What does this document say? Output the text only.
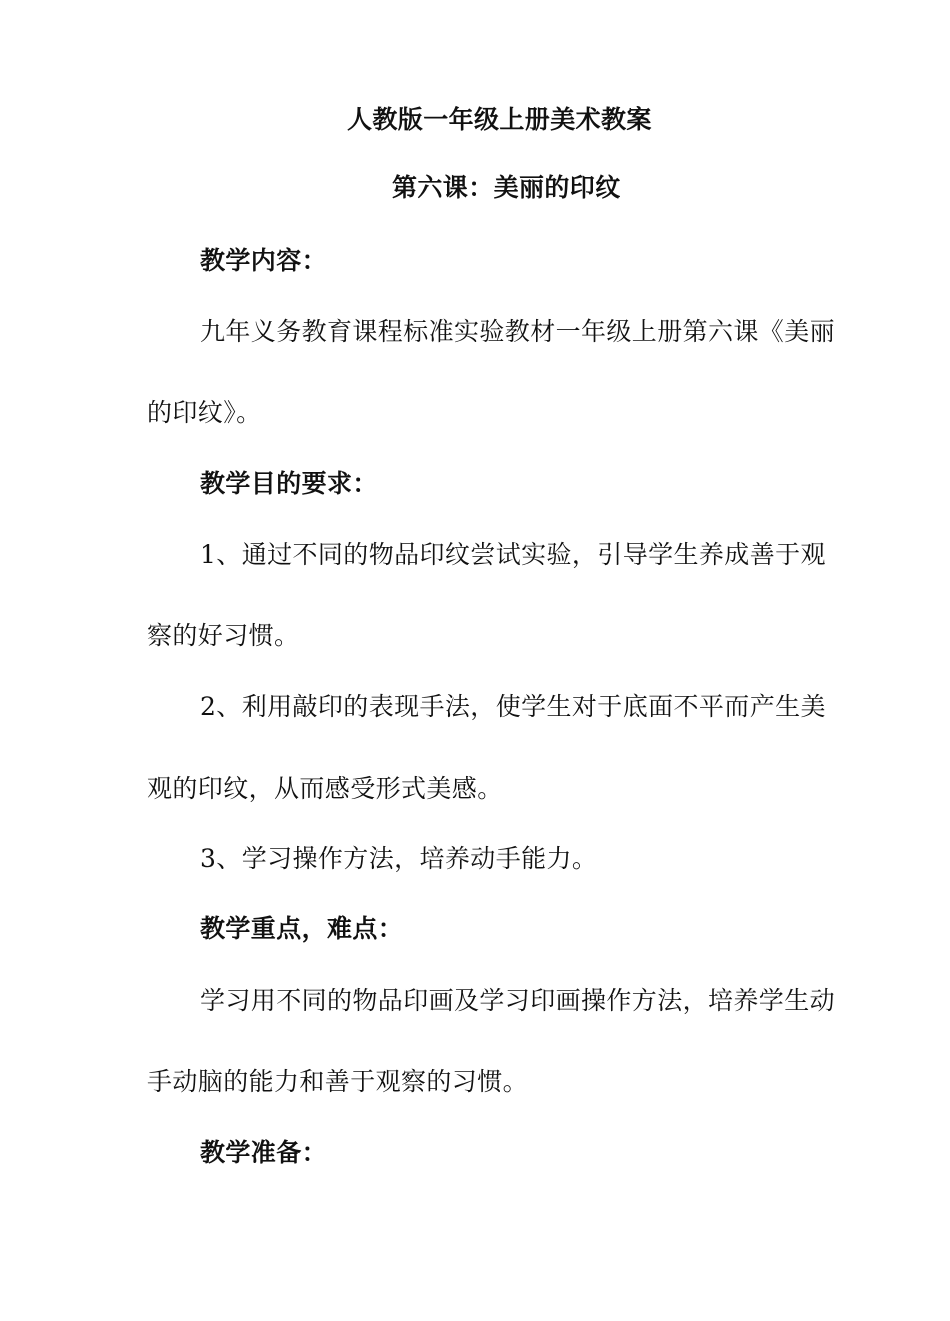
人教版一年级上册美术教案
第六课：美丽的印纹
教学内容：
九年义务教育课程标准实验教材一年级上册第六课《美丽
的印纹》。
教学目的要求：
1、通过不同的物品印纹尝试实验，引导学生养成善于观
察的好习惯。
2、利用敲印的表现手法，使学生对于底面不平而产生美
观的印纹，从而感受形式美感。
3、学习操作方法，培养动手能力。
教学重点，难点：
学习用不同的物品印画及学习印画操作方法，培养学生动
手动脑的能力和善于观察的习惯。
教学准备：
